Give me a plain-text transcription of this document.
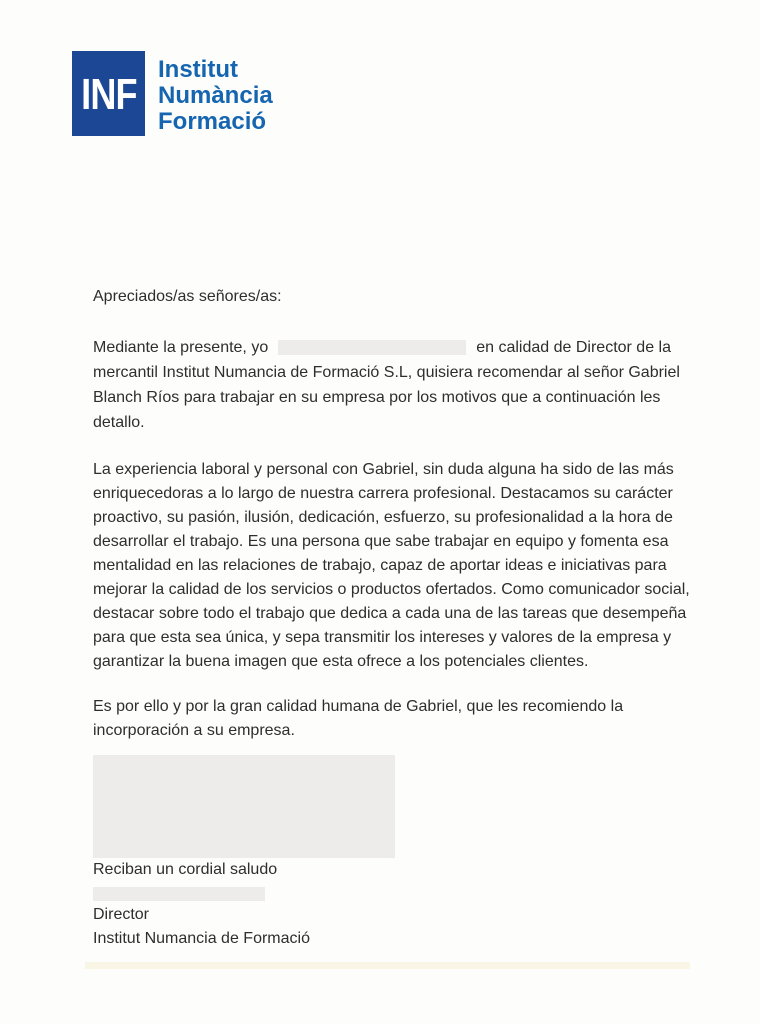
INF Institut
Numància
Formació
Apreciados/as señores/as:
Mediante la presente, yo	en calidad de Director de la
mercantil Institut Numancia de Formació S.L, quisiera recomendar al señor Gabriel
Blanch Ríos para trabajar en su empresa por los motivos que a continuación les
detallo.
La experiencia laboral y personal con Gabriel, sin duda alguna ha sido de las más
enriquecedoras a lo largo de nuestra carrera profesional. Destacamos su carácter
proactivo, su pasión, ilusión, dedicación, esfuerzo, su profesionalidad a la hora de
desarrollar el trabajo. Es una persona que sabe trabajar en equipo y fomenta esa
mentalidad en las relaciones de trabajo, capaz de aportar ideas e iniciativas para
mejorar la calidad de los servicios o productos ofertados. Como comunicador social,
destacar sobre todo el trabajo que dedica a cada una de las tareas que desempeña
para que esta sea única, y sepa transmitir los intereses y valores de la empresa y
garantizar la buena imagen que esta ofrece a los potenciales clientes.
Es por ello y por la gran calidad humana de Gabriel, que les recomiendo la
incorporación a su empresa.
Reciban un cordial saludo
Director
Institut Numancia de Formació
